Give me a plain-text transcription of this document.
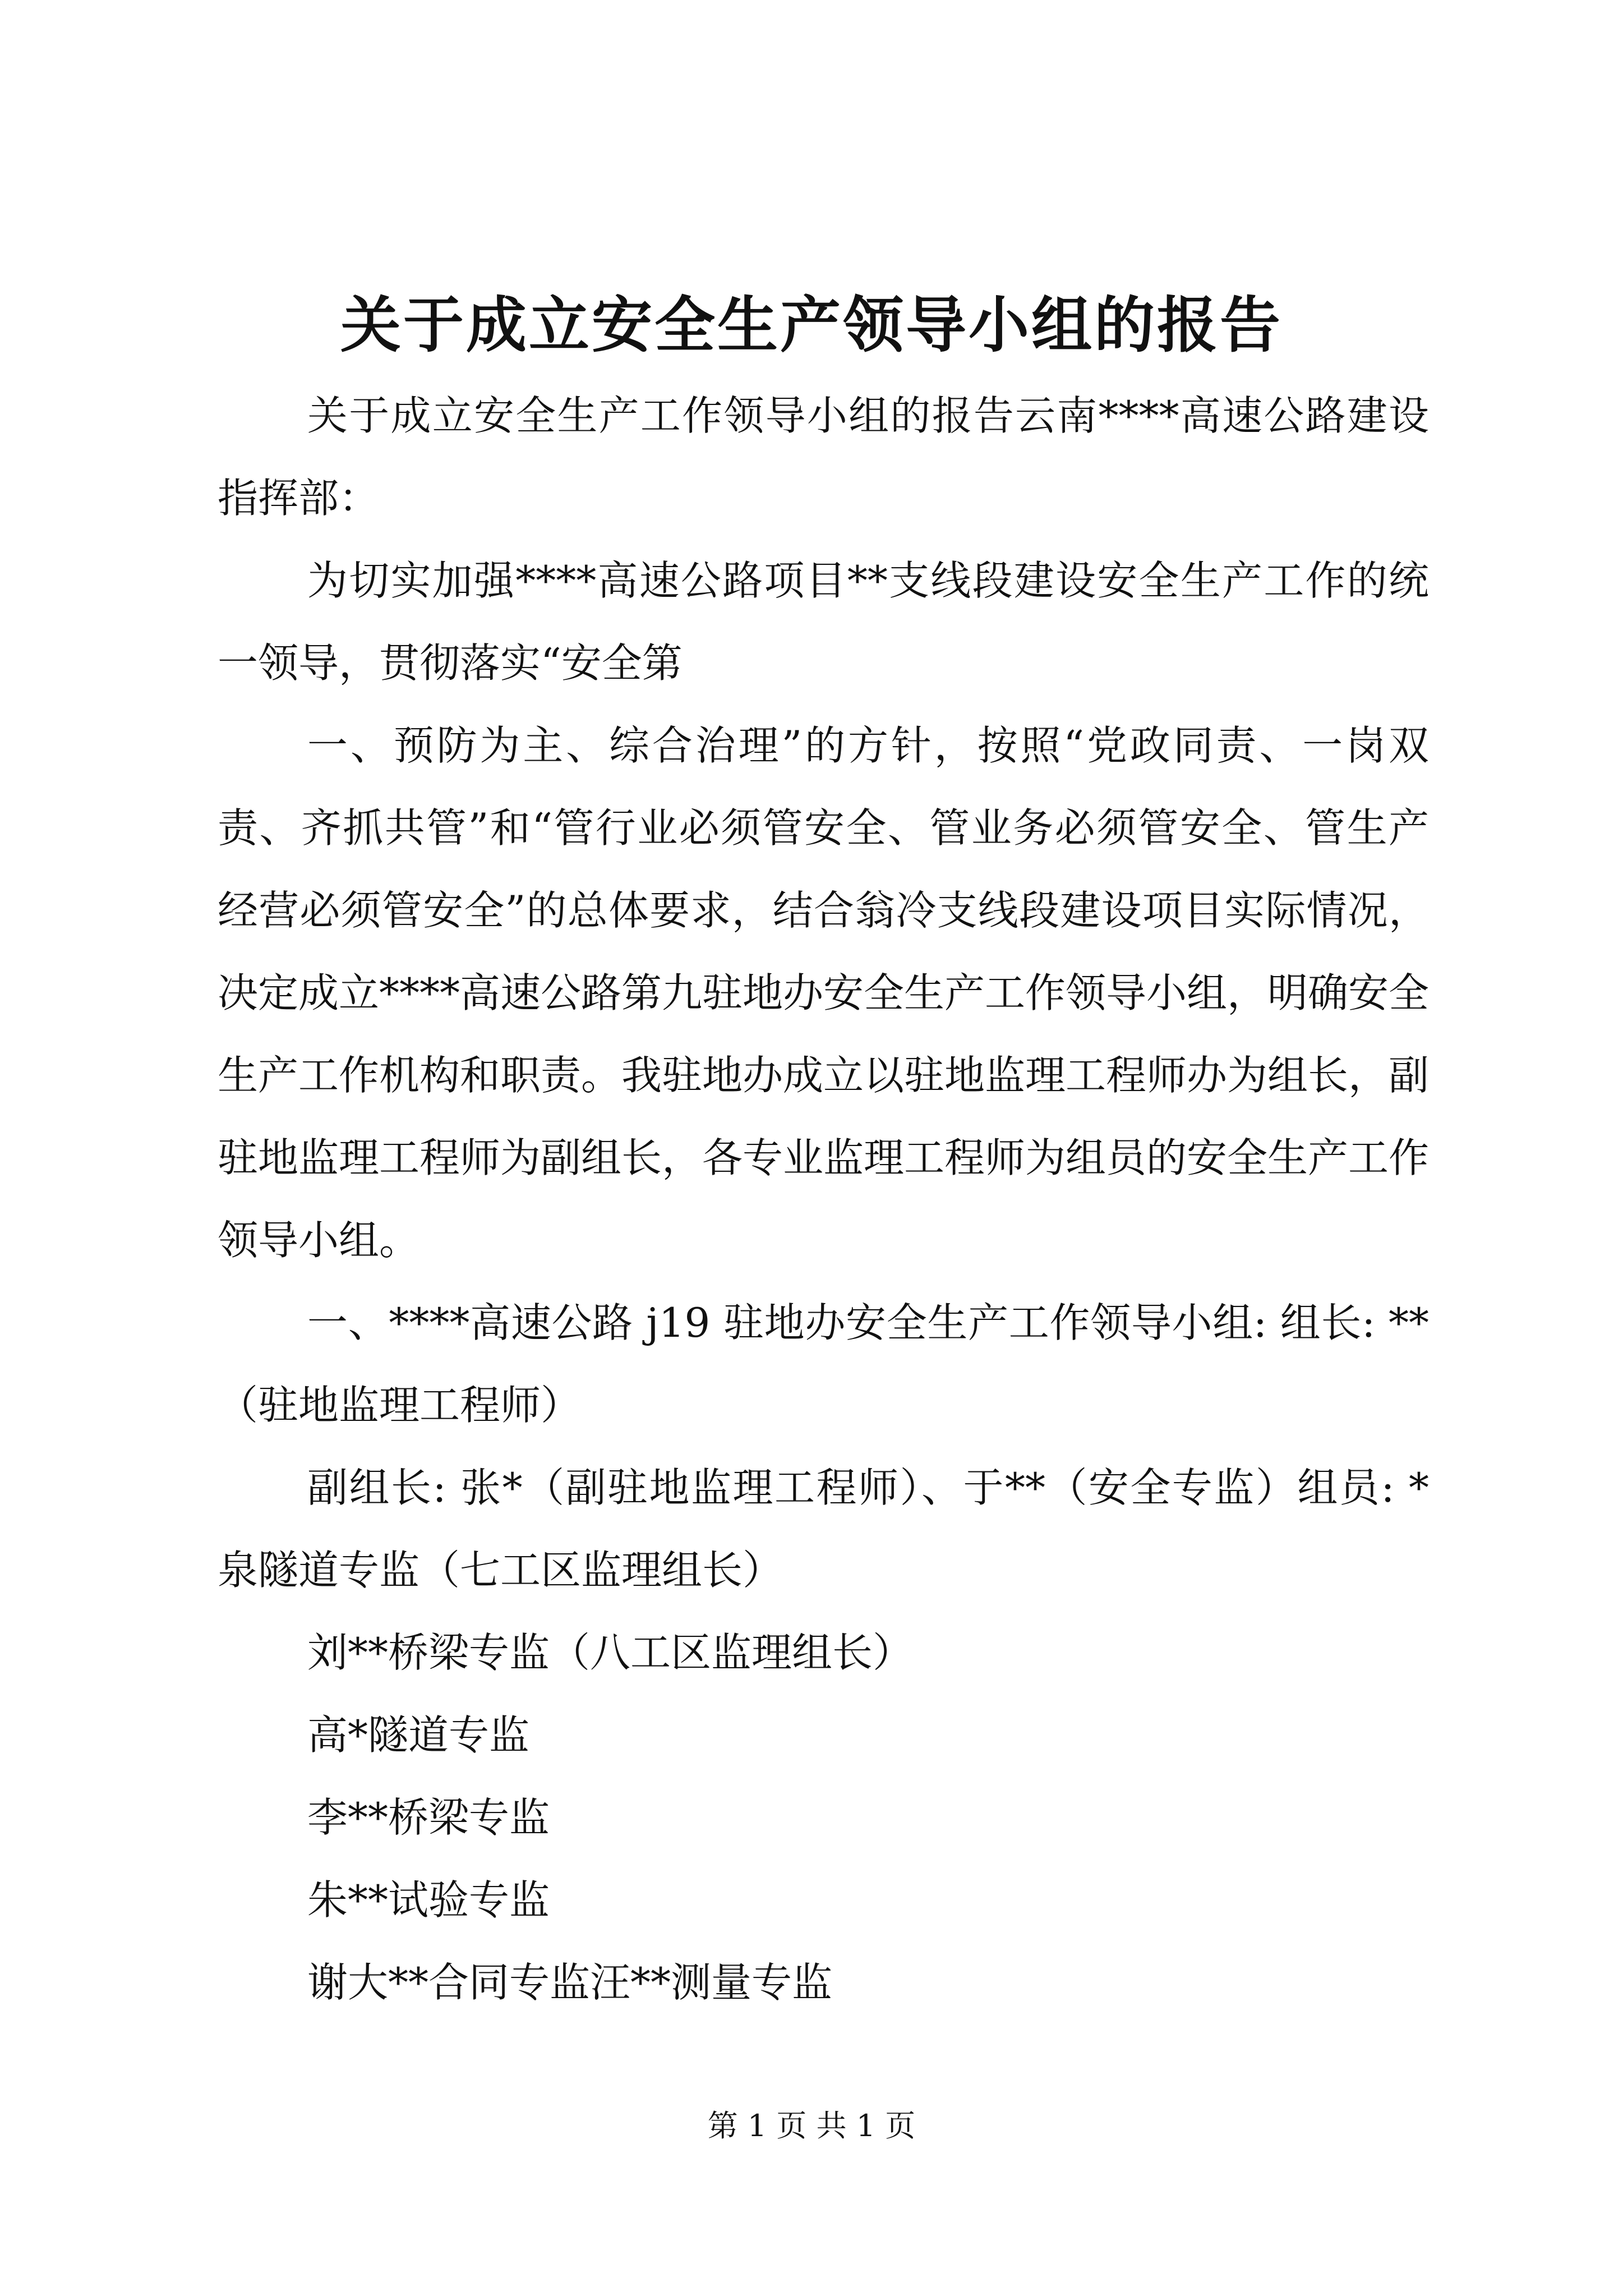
关于成立安全生产领导小组的报告

关于成立安全生产工作领导小组的报告云南****高速公路建设指挥部：

为切实加强****高速公路项目**支线段建设安全生产工作的统一领导，贯彻落实“安全第

一、预防为主、综合治理”的方针，按照“党政同责、一岗双责、齐抓共管”和“管行业必须管安全、管业务必须管安全、管生产经营必须管安全”的总体要求，结合翁冷支线段建设项目实际情况，决定成立****高速公路第九驻地办安全生产工作领导小组，明确安全生产工作机构和职责。我驻地办成立以驻地监理工程师办为组长，副驻地监理工程师为副组长，各专业监理工程师为组员的安全生产工作领导小组。

一、****高速公路 j19 驻地办安全生产工作领导小组: 组长: **（驻地监理工程师）

副组长: 张*（副驻地监理工程师）、于**（安全专监）组员: *泉隧道专监（七工区监理组长）

刘**桥梁专监（八工区监理组长）

高*隧道专监

李**桥梁专监

朱**试验专监

谢大**合同专监汪**测量专监

第 1 页 共 1 页
